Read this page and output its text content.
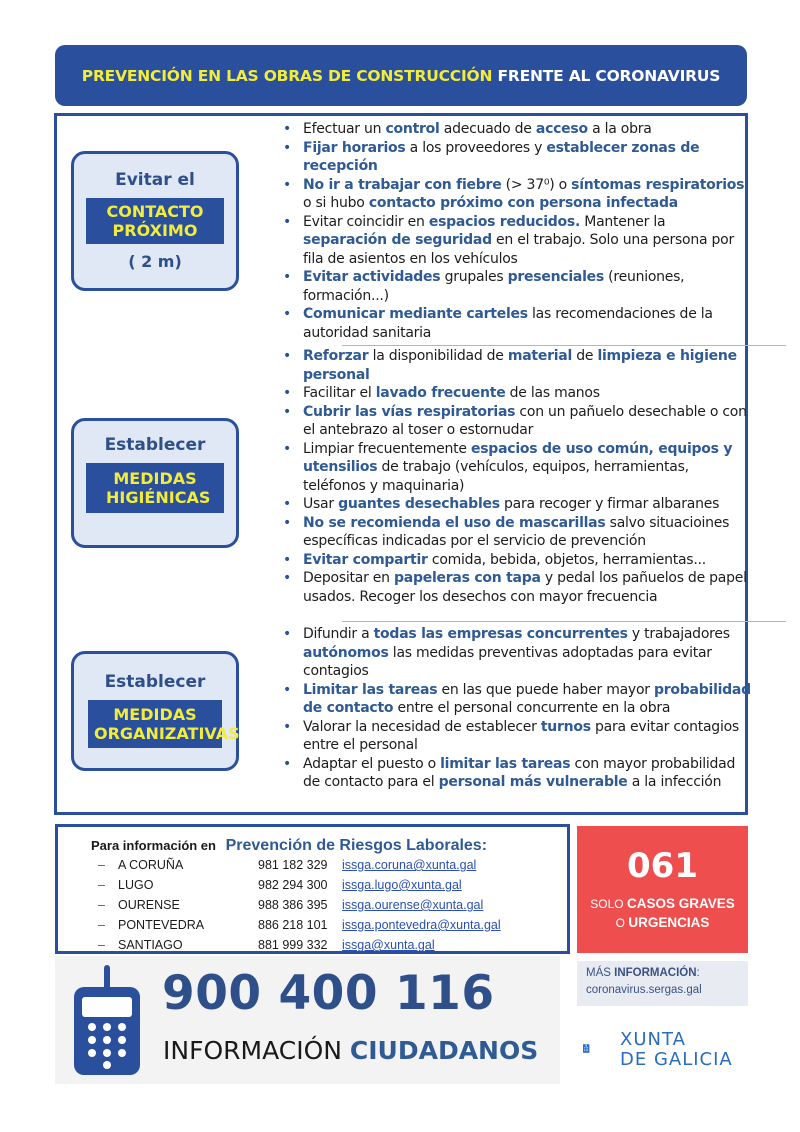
PREVENCIÓN EN LAS OBRAS DE CONSTRUCCIÓN FRENTE AL CORONAVIRUS
Evitar el
CONTACTO PRÓXIMO
( 2 m)
• Efectuar un control adecuado de acceso a la obra
• Fijar horarios a los proveedores y establecer zonas de recepción
• No ir a trabajar con fiebre (> 37⁰) o síntomas respiratorios o si hubo contacto próximo con persona infectada
• Evitar coincidir en espacios reducidos. Mantener la separación de seguridad en el trabajo. Solo una persona por fila de asientos en los vehículos
• Evitar actividades grupales presenciales (reuniones, formación...)
• Comunicar mediante carteles las recomendaciones de la autoridad sanitaria
Establecer
MEDIDAS HIGIÉNICAS
• Reforzar la disponibilidad de material de limpieza e higiene personal
• Facilitar el lavado frecuente de las manos
• Cubrir las vías respiratorias con un pañuelo desechable o con el antebrazo al toser o estornudar
• Limpiar frecuentemente espacios de uso común, equipos y utensilios de trabajo (vehículos, equipos, herramientas, teléfonos y maquinaria)
• Usar guantes desechables para recoger y firmar albaranes
• No se recomienda el uso de mascarillas salvo situacioines específicas indicadas por el servicio de prevención
• Evitar compartir comida, bebida, objetos, herramientas...
• Depositar en papeleras con tapa y pedal los pañuelos de papel usados. Recoger los desechos con mayor frecuencia
Establecer
MEDIDAS ORGANIZATIVAS
• Difundir a todas las empresas concurrentes y trabajadores autónomos las medidas preventivas adoptadas para evitar contagios
• Limitar las tareas en las que puede haber mayor probabilidad de contacto entre el personal concurrente en la obra
• Valorar la necesidad de establecer turnos para evitar contagios entre el personal
• Adaptar el puesto o limitar las tareas con mayor probabilidad de contacto para el personal más vulnerable a la infección
Para información en Prevención de Riesgos Laborales:
– A CORUÑA	981 182 329 issga.coruna@xunta.gal
– LUGO	982 294 300 issga.lugo@xunta.gal
– OURENSE	988 386 395 issga.ourense@xunta.gal
– PONTEVEDRA	886 218 101 issga.pontevedra@xunta.gal
– SANTIAGO	881 999 332 issga@xunta.gal
061
SOLO CASOS GRAVES
O URGENCIAS
900 400 116
INFORMACIÓN CIUDADANOS
MÁS INFORMACIÓN:
coronavirus.sergas.gal
XUNTA
DE GALICIA
